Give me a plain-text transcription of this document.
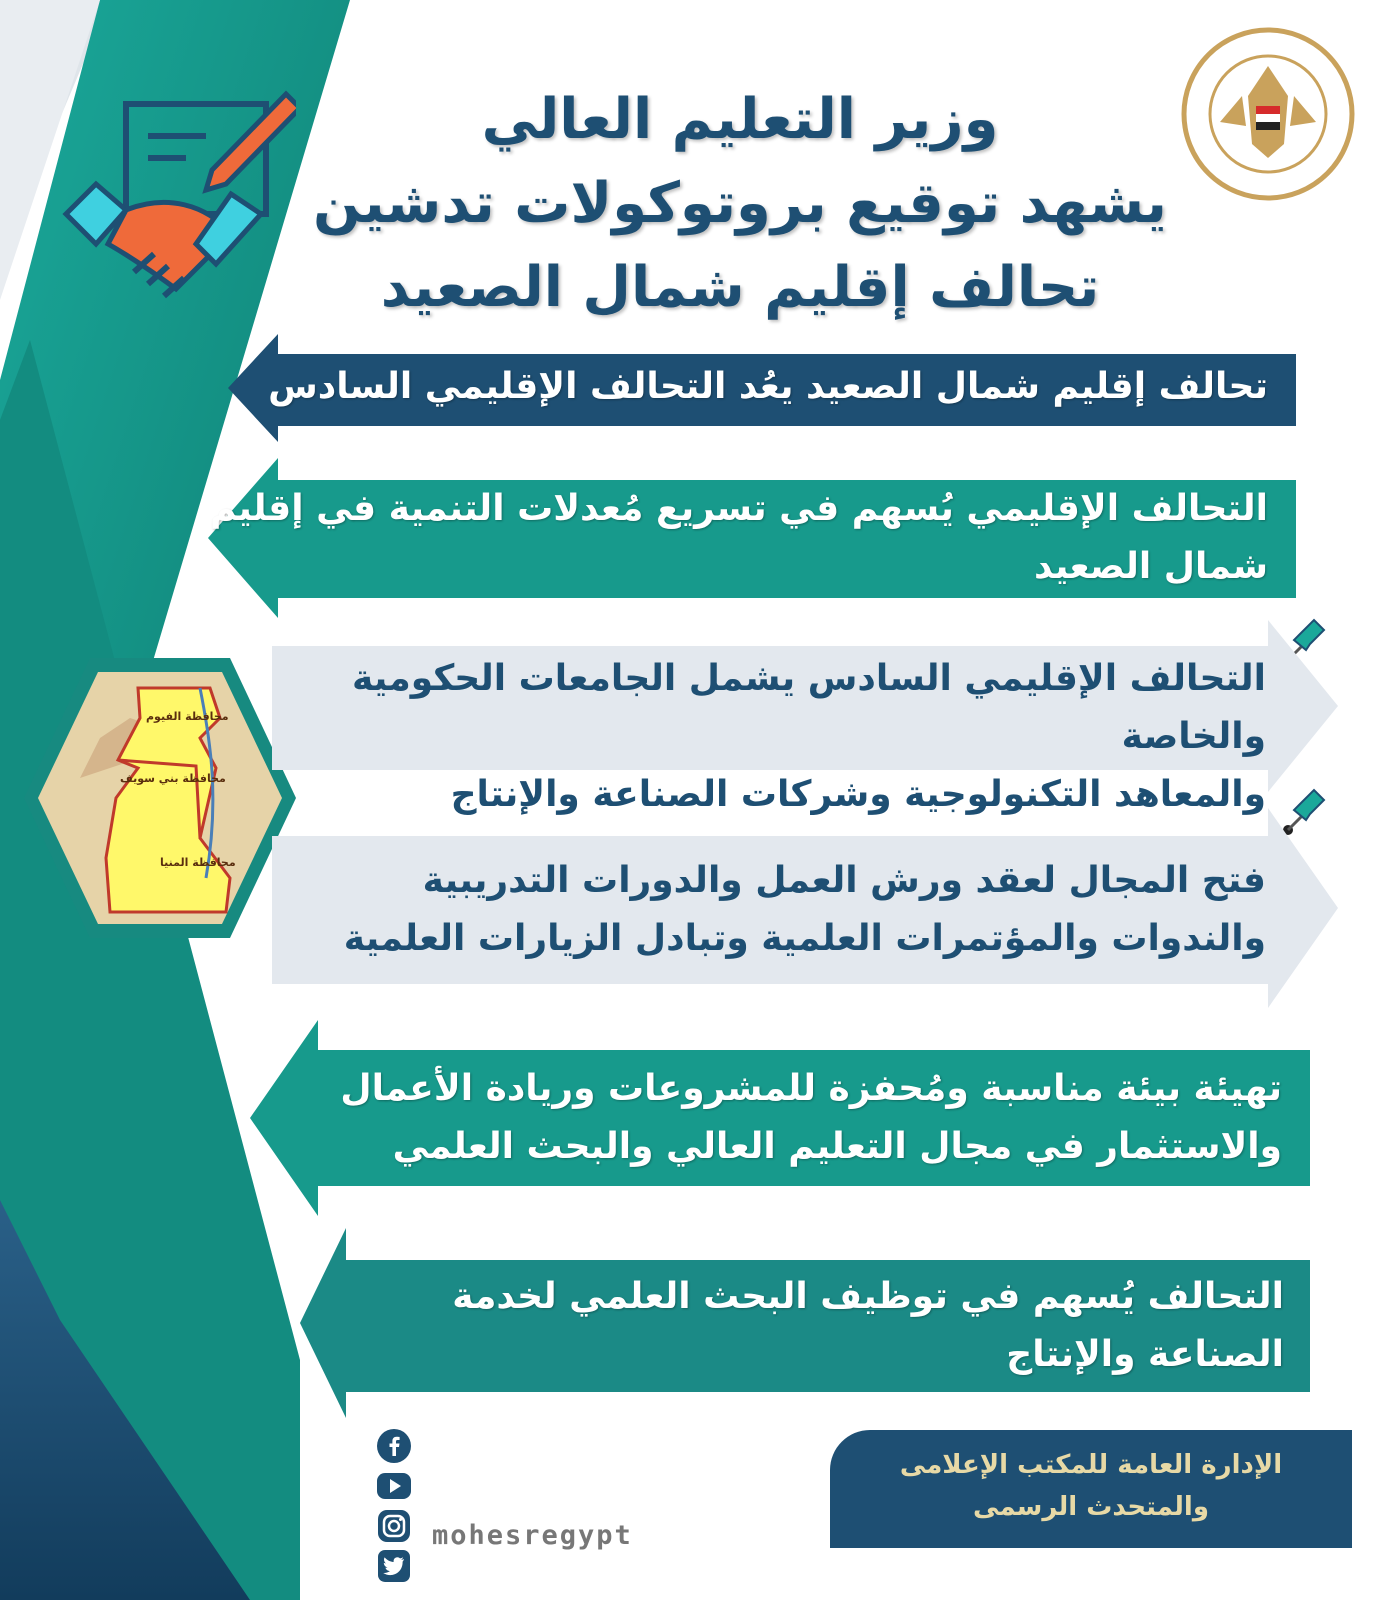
وزير التعليم العالي
يشهد توقيع بروتوكولات تدشين
تحالف إقليم شمال الصعيد
تحالف إقليم شمال الصعيد يعُد التحالف الإقليمي السادس
التحالف الإقليمي يُسهم في تسريع مُعدلات التنمية في إقليم
شمال الصعيد
التحالف الإقليمي السادس يشمل الجامعات الحكومية والخاصة
والمعاهد التكنولوجية وشركات الصناعة والإنتاج
فتح المجال لعقد ورش العمل والدورات التدريبية
والندوات والمؤتمرات العلمية وتبادل الزيارات العلمية
تهيئة بيئة مناسبة ومُحفزة للمشروعات وريادة الأعمال
والاستثمار في مجال التعليم العالي والبحث العلمي
التحالف يُسهم في توظيف البحث العلمي لخدمة
الصناعة والإنتاج
محافظة الفيوم
محافظة بني سويف
محافظة المنيا
mohesregypt
الإدارة العامة للمكتب الإعلامى
والمتحدث الرسمى
